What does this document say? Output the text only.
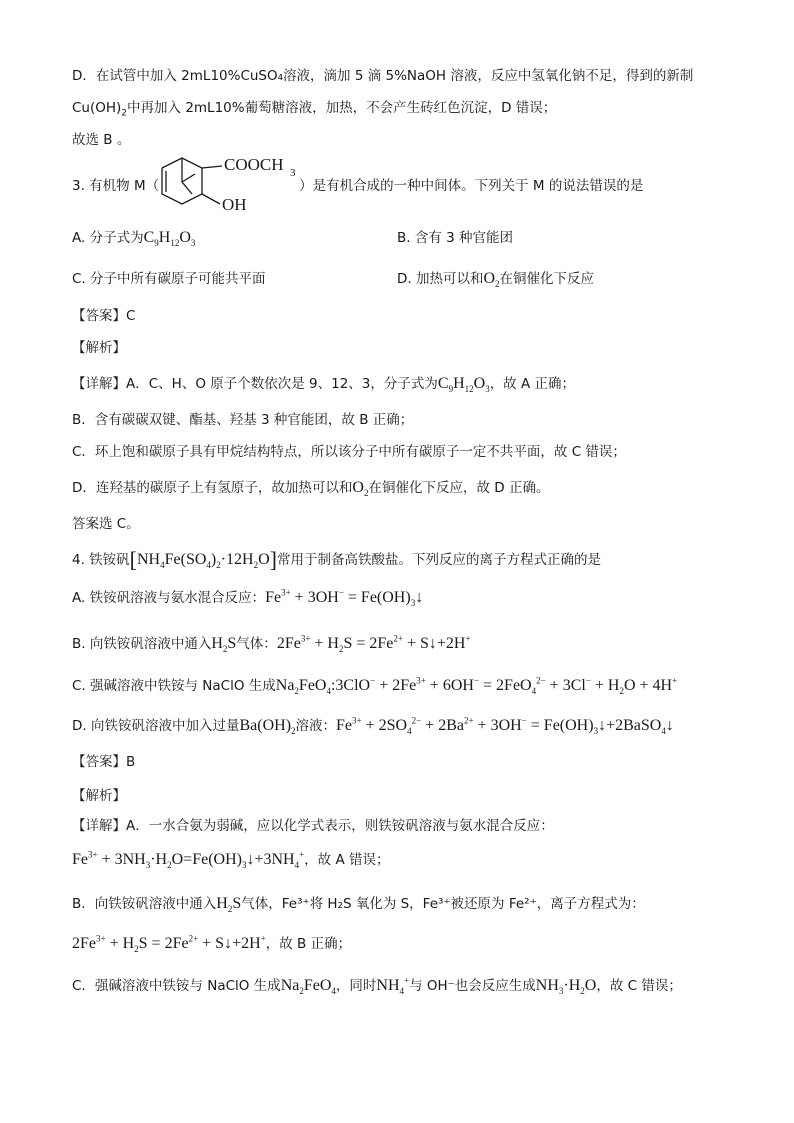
D．在试管中加入 2mL10%CuSO₄溶液，滴加 5 滴 5%NaOH 溶液，反应中氢氧化钠不足，得到的新制
$Cu(OH)_2$中再加入 2mL10%葡萄糖溶液，加热，不会产生砖红色沉淀，D 错误；
故选 B 。
3. 有机物 M（	）是有机合成的一种中间体。下列关于 M 的说法错误的是
COOCH 3
OH
A. 分子式为$C_9H_{12}O_3$	B. 含有 3 种官能团
C. 分子中所有碳原子可能共平面	D. 加热可以和$O_2$在铜催化下反应
【答案】C
【解析】
【详解】A．C、H、O 原子个数依次是 9、12、3，分子式为$C_9H_{12}O_3$，故 A 正确；
B．含有碳碳双键、酯基、羟基 3 种官能团，故 B 正确；
C．环上饱和碳原子具有甲烷结构特点，所以该分子中所有碳原子一定不共平面，故 C 错误；
D．连羟基的碳原子上有氢原子，故加热可以和$O_2$在铜催化下反应，故 D 正确。
答案选 C。
4. 铁铵矾$[NH_4Fe(SO_4)_2\cdot 12H_2O]$常用于制备高铁酸盐。下列反应的离子方程式正确的是
A. 铁铵矾溶液与氨水混合反应：$Fe^{3+} + 3OH^-$ = $Fe(OH)_3↓$
B. 向铁铵矾溶液中通入$H_2S$气体：$2Fe^{3+} + H_2S = 2Fe^{2+}$ + S↓+2H+
C. 强碱溶液中铁铵与 NaClO 生成$Na_2FeO_4:3ClO^- + 2Fe^{3+} + 6OH^- = 2FeO_4^{2-} + 3Cl^- + H_2O + 4H^+$
D. 向铁铵矾溶液中加入过量$Ba(OH)_2$溶液：$Fe^{3+} + 2SO_4^{2-} + 2Ba^{2+} + 3OH^-$ = $Fe(OH)_3↓+2BaSO_4↓$
【答案】B
【解析】
【详解】A．一水合氨为弱碱，应以化学式表示，则铁铵矾溶液与氨水混合反应：
$Fe^{3+}$ + $3NH_3\cdot H_2O=Fe(OH)_3↓+3NH_4^+$，故 A 错误；
B．向铁铵矾溶液中通入$H_2S$气体，Fe³⁺将 H₂S 氧化为 S，Fe³⁺被还原为 Fe²⁺，离子方程式为：
$2Fe^{3+} + H_2S = 2Fe^{2+}$ + S↓+2H+，故 B 正确；
C．强碱溶液中铁铵与 NaClO 生成$Na_2FeO_4$，同时$NH_4^+$与 OH⁻也会反应生成$NH_3\cdot H_2O$，故 C 错误；
